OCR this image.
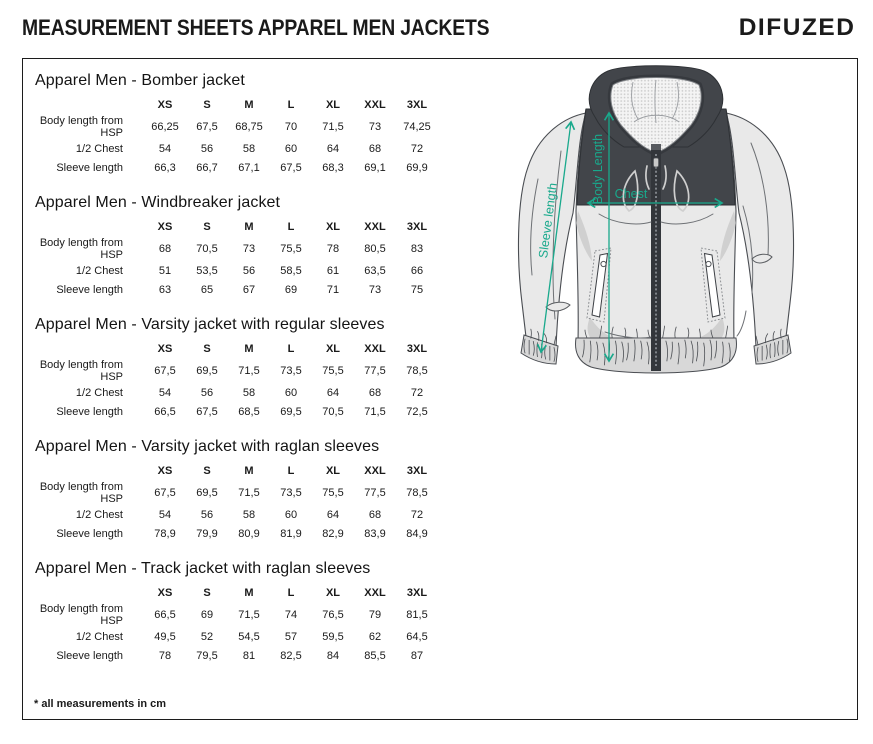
MEASUREMENT SHEETS APPAREL MEN JACKETS	DIFUZED
Apparel Men - Bomber jacket
		XS	S	M	L	XL	XXL	3XL
Body length from HSP		66,25	67,5	68,75	70	71,5	73	74,25
1/2 Chest		54	56	58	60	64	68	72
Sleeve length		66,3	66,7	67,1	67,5	68,3	69,1	69,9
Apparel Men - Windbreaker jacket
		XS	S	M	L	XL	XXL	3XL
Body length from HSP		68	70,5	73	75,5	78	80,5	83
1/2 Chest		51	53,5	56	58,5	61	63,5	66
Sleeve length		63	65	67	69	71	73	75
Apparel Men - Varsity jacket with regular sleeves
		XS	S	M	L	XL	XXL	3XL
Body length from HSP		67,5	69,5	71,5	73,5	75,5	77,5	78,5
1/2 Chest		54	56	58	60	64	68	72
Sleeve length		66,5	67,5	68,5	69,5	70,5	71,5	72,5
Apparel Men - Varsity jacket with raglan sleeves
		XS	S	M	L	XL	XXL	3XL
Body length from HSP		67,5	69,5	71,5	73,5	75,5	77,5	78,5
1/2 Chest		54	56	58	60	64	68	72
Sleeve length		78,9	79,9	80,9	81,9	82,9	83,9	84,9
Apparel Men - Track jacket with raglan sleeves
		XS	S	M	L	XL	XXL	3XL
Body length from HSP		66,5	69	71,5	74	76,5	79	81,5
1/2 Chest		49,5	52	54,5	57	59,5	62	64,5
Sleeve length		78	79,5	81	82,5	84	85,5	87
Body Length Chest
Sleeve length
* all measurements in cm
